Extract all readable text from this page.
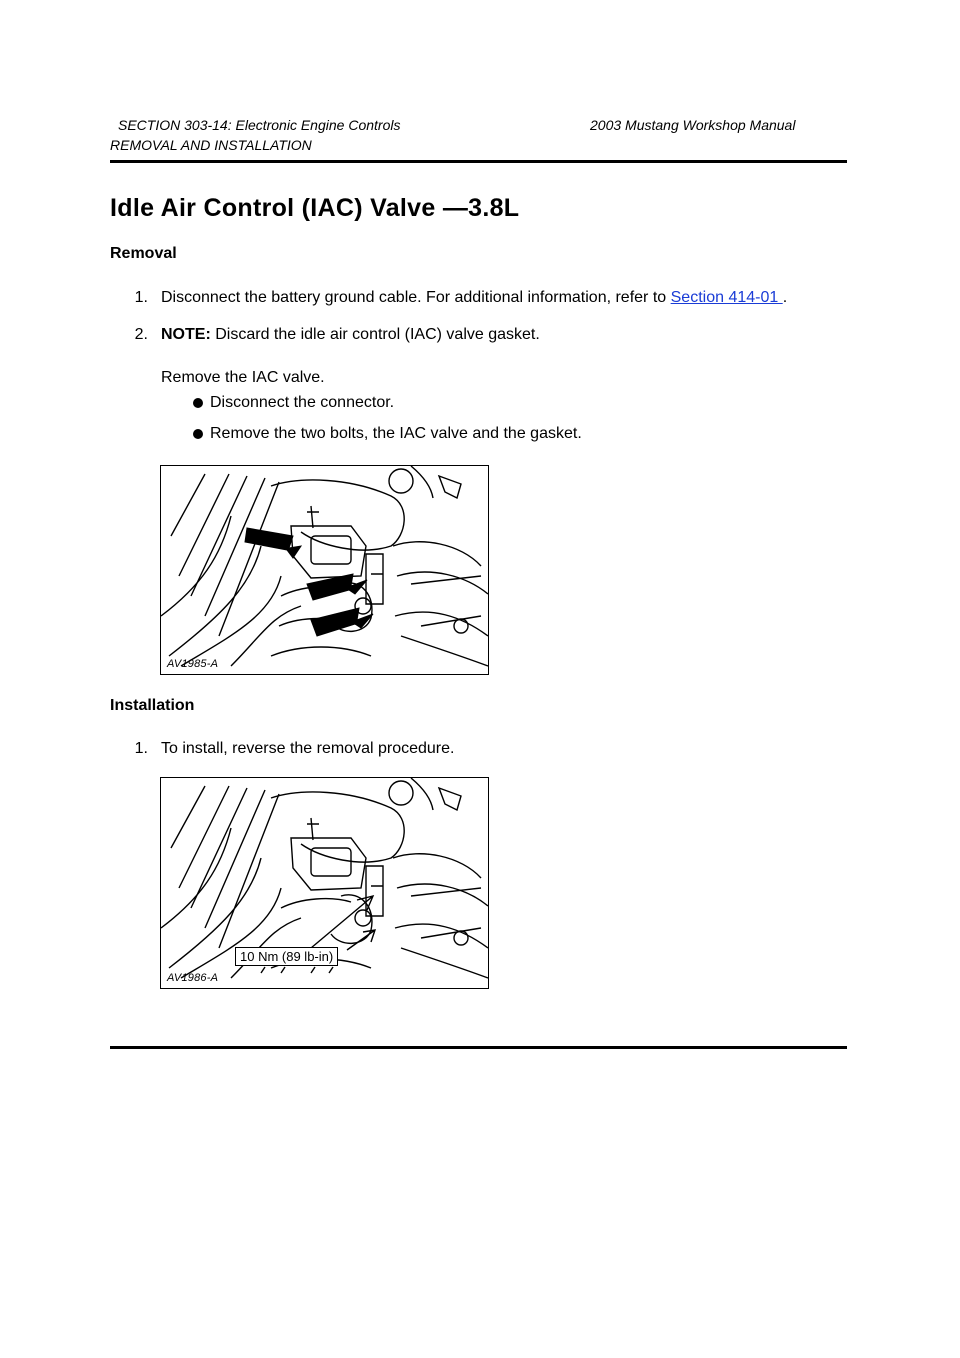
SECTION 303-14: Electronic Engine Controls	2003 Mustang Workshop Manual
REMOVAL AND INSTALLATION
Idle Air Control (IAC) Valve —3.8L
Removal
1. Disconnect the battery ground cable. For additional information, refer to Section 414-01 .
2. NOTE: Discard the idle air control (IAC) valve gasket.
Remove the IAC valve.
Disconnect the connector.
Remove the two bolts, the IAC valve and the gasket.
AV1985-A
Installation
1. To install, reverse the removal procedure.
10 Nm (89 lb-in)
AV1986-A
